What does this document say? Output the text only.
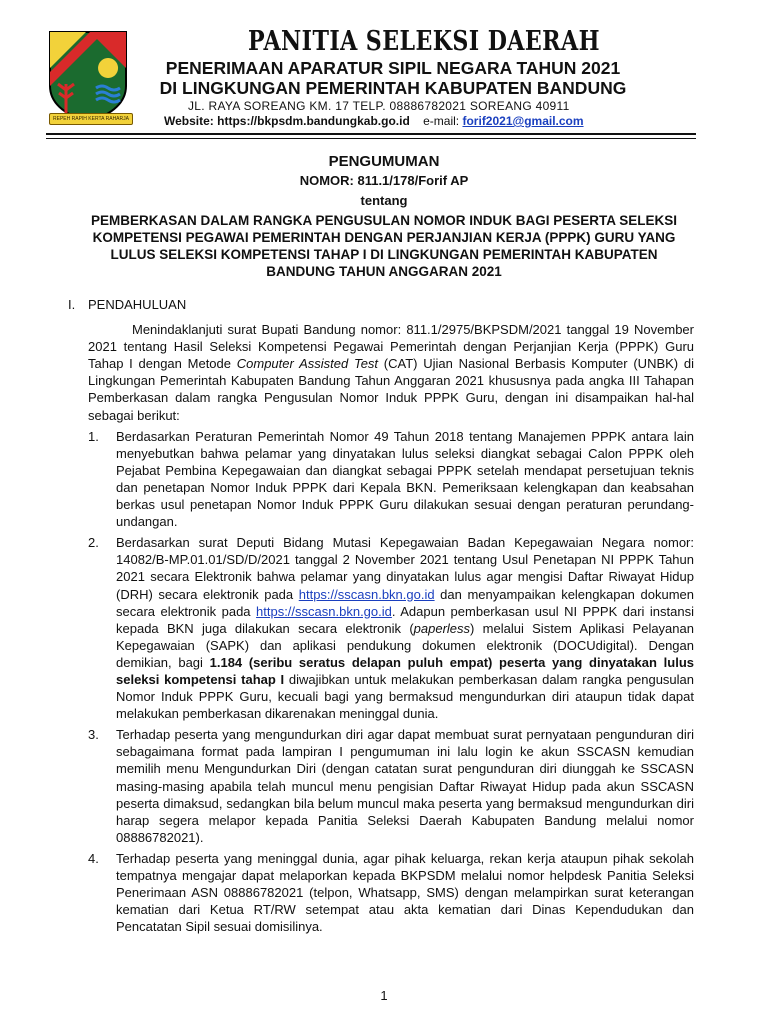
REPEH RAPIH KERTA RAHARJA
PANITIA SELEKSI DAERAH
PENERIMAAN APARATUR SIPIL NEGARA TAHUN 2021
DI LINGKUNGAN PEMERINTAH KABUPATEN BANDUNG
JL. RAYA SOREANG KM. 17 TELP. 08886782021 SOREANG 40911
Website: https://bkpsdm.bandungkab.go.id e-mail: forif2021@gmail.com
PENGUMUMAN
NOMOR: 811.1/178/Forif AP
tentang
PEMBERKASAN DALAM RANGKA PENGUSULAN NOMOR INDUK BAGI PESERTA SELEKSI KOMPETENSI PEGAWAI PEMERINTAH DENGAN PERJANJIAN KERJA (PPPK) GURU YANG LULUS SELEKSI KOMPETENSI TAHAP I DI LINGKUNGAN PEMERINTAH KABUPATEN BANDUNG TAHUN ANGGARAN 2021

I. PENDAHULUAN

Menindaklanjuti surat Bupati Bandung nomor: 811.1/2975/BKPSDM/2021 tanggal 19 November 2021 tentang Hasil Seleksi Kompetensi Pegawai Pemerintah dengan Perjanjian Kerja (PPPK) Guru Tahap I dengan Metode Computer Assisted Test (CAT) Ujian Nasional Berbasis Komputer (UNBK) di Lingkungan Pemerintah Kabupaten Bandung Tahun Anggaran 2021 khususnya pada angka III Tahapan Pemberkasan dalam rangka Pengusulan Nomor Induk PPPK Guru, dengan ini disampaikan hal-hal sebagai berikut:

1. Berdasarkan Peraturan Pemerintah Nomor 49 Tahun 2018 tentang Manajemen PPPK antara lain menyebutkan bahwa pelamar yang dinyatakan lulus seleksi diangkat sebagai Calon PPPK oleh Pejabat Pembina Kepegawaian dan diangkat sebagai PPPK setelah mendapat persetujuan teknis dan penetapan Nomor Induk PPPK dari Kepala BKN. Pemeriksaan kelengkapan dan keabsahan berkas usul penetapan Nomor Induk PPPK Guru dilakukan sesuai dengan peraturan perundang-undangan.

2. Berdasarkan surat Deputi Bidang Mutasi Kepegawaian Badan Kepegawaian Negara nomor: 14082/B-MP.01.01/SD/D/2021 tanggal 2 November 2021 tentang Usul Penetapan NI PPPK Tahun 2021 secara Elektronik bahwa pelamar yang dinyatakan lulus agar mengisi Daftar Riwayat Hidup (DRH) secara elektronik pada https://sscasn.bkn.go.id dan menyampaikan kelengkapan dokumen secara elektronik pada https://sscasn.bkn.go.id. Adapun pemberkasan usul NI PPPK dari instansi kepada BKN juga dilakukan secara elektronik (paperless) melalui Sistem Aplikasi Pelayanan Kepegawaian (SAPK) dan aplikasi pendukung dokumen elektronik (DOCUdigital). Dengan demikian, bagi 1.184 (seribu seratus delapan puluh empat) peserta yang dinyatakan lulus seleksi kompetensi tahap I diwajibkan untuk melakukan pemberkasan dalam rangka pengusulan Nomor Induk PPPK Guru, kecuali bagi yang bermaksud mengundurkan diri ataupun tidak dapat melakukan pemberkasan dikarenakan meninggal dunia.

3. Terhadap peserta yang mengundurkan diri agar dapat membuat surat pernyataan pengunduran diri sebagaimana format pada lampiran I pengumuman ini lalu login ke akun SSCASN kemudian memilih menu Mengundurkan Diri (dengan catatan surat pengunduran diri diunggah ke SSCASN masing-masing apabila telah muncul menu pengisian Daftar Riwayat Hidup pada akun SSCASN peserta dimaksud, sedangkan bila belum muncul maka peserta yang bermaksud mengundurkan diri harap segera melapor kepada Panitia Seleksi Daerah Kabupaten Bandung melalui nomor 08886782021).

4. Terhadap peserta yang meninggal dunia, agar pihak keluarga, rekan kerja ataupun pihak sekolah tempatnya mengajar dapat melaporkan kepada BKPSDM melalui nomor helpdesk Panitia Seleksi Penerimaan ASN 08886782021 (telpon, Whatsapp, SMS) dengan melampirkan surat keterangan kematian dari Ketua RT/RW setempat atau akta kematian dari Dinas Kependudukan dan Pencatatan Sipil sesuai domisilinya.

1
